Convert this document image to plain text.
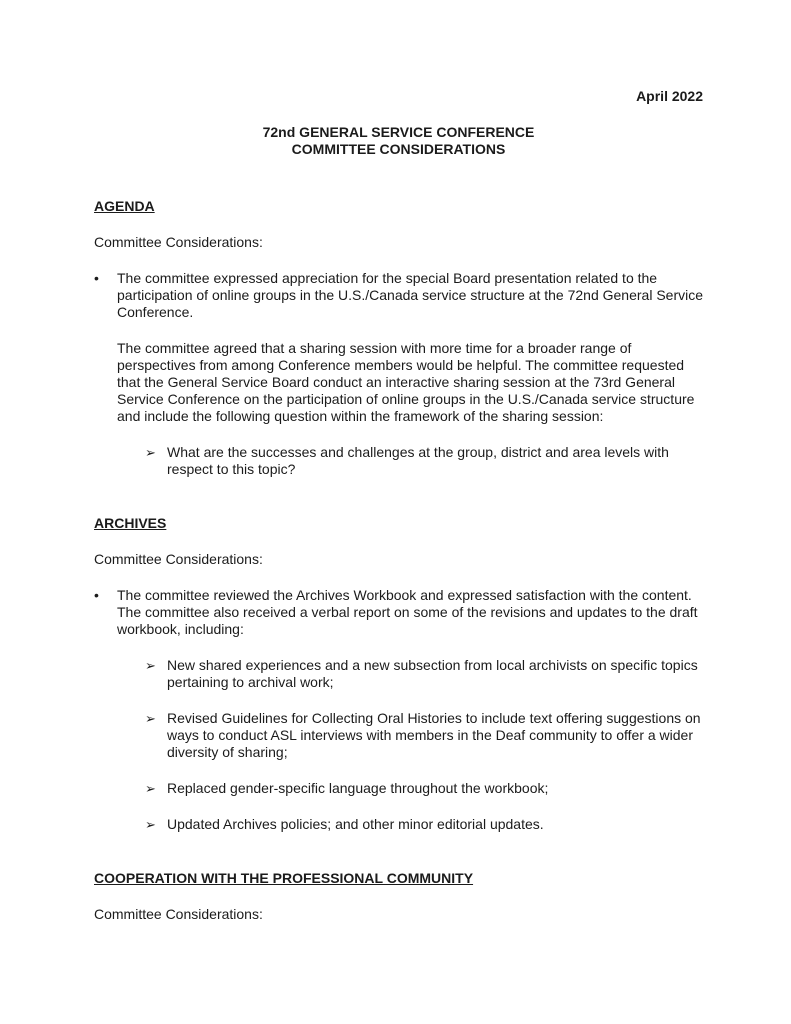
April 2022
72nd GENERAL SERVICE CONFERENCE
COMMITTEE CONSIDERATIONS
AGENDA
Committee Considerations:
•	The committee expressed appreciation for the special Board presentation related to the participation of online groups in the U.S./Canada service structure at the 72nd General Service Conference.
The committee agreed that a sharing session with more time for a broader range of perspectives from among Conference members would be helpful. The committee requested that the General Service Board conduct an interactive sharing session at the 73rd General Service Conference on the participation of online groups in the U.S./Canada service structure and include the following question within the framework of the sharing session:
➢ What are the successes and challenges at the group, district and area levels with respect to this topic?
ARCHIVES
Committee Considerations:
•	The committee reviewed the Archives Workbook and expressed satisfaction with the content. The committee also received a verbal report on some of the revisions and updates to the draft workbook, including:
➢ New shared experiences and a new subsection from local archivists on specific topics pertaining to archival work;
➢ Revised Guidelines for Collecting Oral Histories to include text offering suggestions on ways to conduct ASL interviews with members in the Deaf community to offer a wider diversity of sharing;
➢ Replaced gender-specific language throughout the workbook;
➢ Updated Archives policies; and other minor editorial updates.
COOPERATION WITH THE PROFESSIONAL COMMUNITY
Committee Considerations:
